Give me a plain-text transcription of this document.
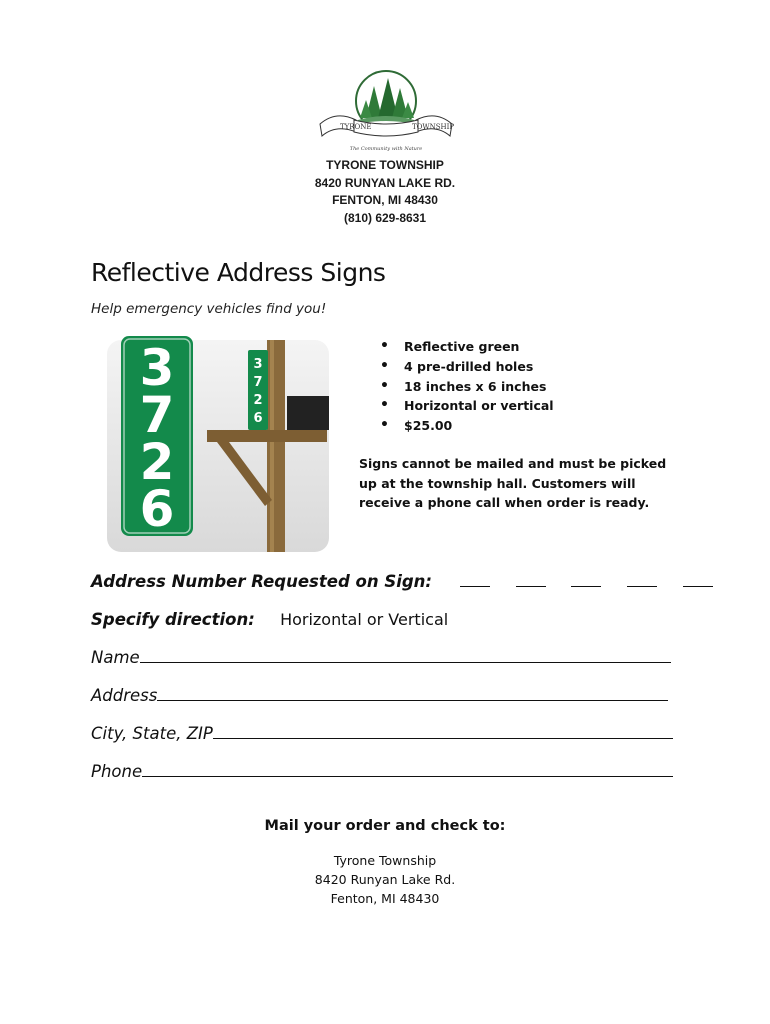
TYRONE	TOWNSHIP
The Community with Nature
TYRONE TOWNSHIP
8420 RUNYAN LAKE RD.
FENTON, MI 48430
(810) 629-8631
Reflective Address Signs
Help emergency vehicles find you!
3
7
2
6
3
7
2
6
• Reflective green
• 4 pre-drilled holes
• 18 inches x 6 inches
• Horizontal or vertical
• $25.00
Signs cannot be mailed and must be picked up at the township hall. Customers will receive a phone call when order is ready.
Address Number Requested on Sign:
Specify direction: Horizontal or Vertical
Name
Address
City, State, ZIP
Phone
Mail your order and check to:
Tyrone Township
8420 Runyan Lake Rd.
Fenton, MI 48430
